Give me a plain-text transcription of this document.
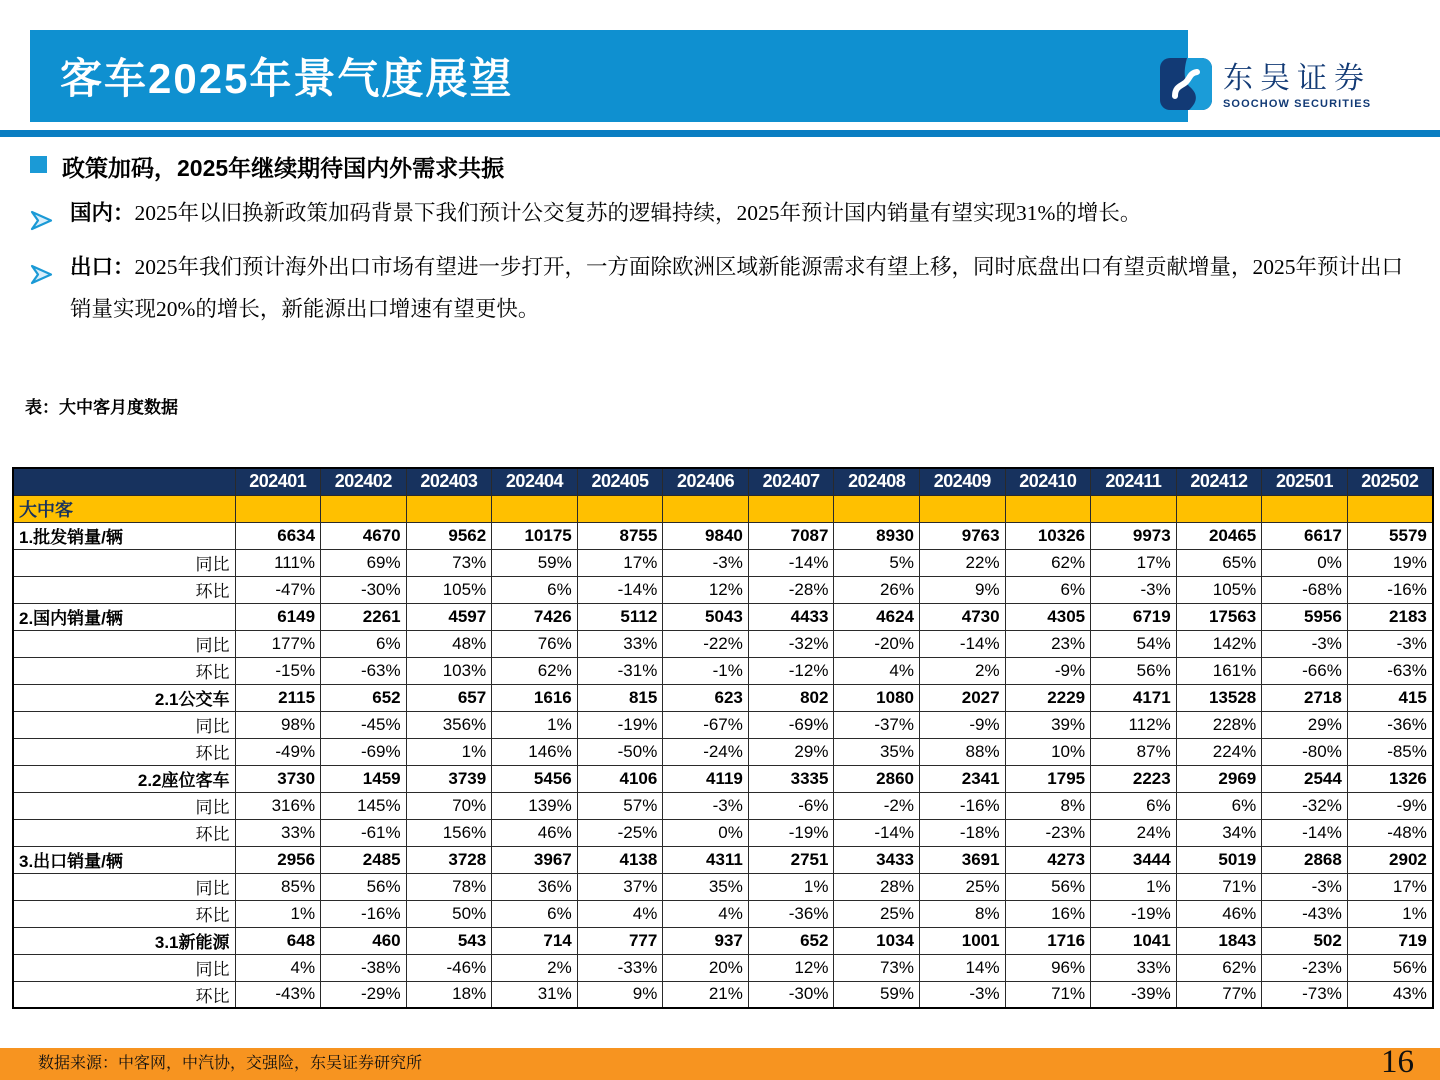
客车2025年景气度展望	东吴证券
SOOCHOW SECURITIES
政策加码，2025年继续期待国内外需求共振
国内：2025年以旧换新政策加码背景下我们预计公交复苏的逻辑持续，2025年预计国内销量有望实现31%的增长。
出口：2025年我们预计海外出口市场有望进一步打开，一方面除欧洲区域新能源需求有望上移，同时底盘出口有望贡献增量，2025年预计出口销量实现20%的增长，新能源出口增速有望更快。
表：大中客月度数据
	202401	202402	202403	202404	202405	202406	202407	202408	202409	202410	202411	202412	202501	202502
大中客														
1.批发销量/辆	6634	4670	9562	10175	8755	9840	7087	8930	9763	10326	9973	20465	6617	5579
同比	111%	69%	73%	59%	17%	-3%	-14%	5%	22%	62%	17%	65%	0%	19%
环比	-47%	-30%	105%	6%	-14%	12%	-28%	26%	9%	6%	-3%	105%	-68%	-16%
2.国内销量/辆	6149	2261	4597	7426	5112	5043	4433	4624	4730	4305	6719	17563	5956	2183
同比	177%	6%	48%	76%	33%	-22%	-32%	-20%	-14%	23%	54%	142%	-3%	-3%
环比	-15%	-63%	103%	62%	-31%	-1%	-12%	4%	2%	-9%	56%	161%	-66%	-63%
2.1公交车	2115	652	657	1616	815	623	802	1080	2027	2229	4171	13528	2718	415
同比	98%	-45%	356%	1%	-19%	-67%	-69%	-37%	-9%	39%	112%	228%	29%	-36%
环比	-49%	-69%	1%	146%	-50%	-24%	29%	35%	88%	10%	87%	224%	-80%	-85%
2.2座位客车	3730	1459	3739	5456	4106	4119	3335	2860	2341	1795	2223	2969	2544	1326
同比	316%	145%	70%	139%	57%	-3%	-6%	-2%	-16%	8%	6%	6%	-32%	-9%
环比	33%	-61%	156%	46%	-25%	0%	-19%	-14%	-18%	-23%	24%	34%	-14%	-48%
3.出口销量/辆	2956	2485	3728	3967	4138	4311	2751	3433	3691	4273	3444	5019	2868	2902
同比	85%	56%	78%	36%	37%	35%	1%	28%	25%	56%	1%	71%	-3%	17%
环比	1%	-16%	50%	6%	4%	4%	-36%	25%	8%	16%	-19%	46%	-43%	1%
3.1新能源	648	460	543	714	777	937	652	1034	1001	1716	1041	1843	502	719
同比	4%	-38%	-46%	2%	-33%	20%	12%	73%	14%	96%	33%	62%	-23%	56%
环比	-43%	-29%	18%	31%	9%	21%	-30%	59%	-3%	71%	-39%	77%	-73%	43%
数据来源：中客网，中汽协，交强险，东吴证券研究所	16
